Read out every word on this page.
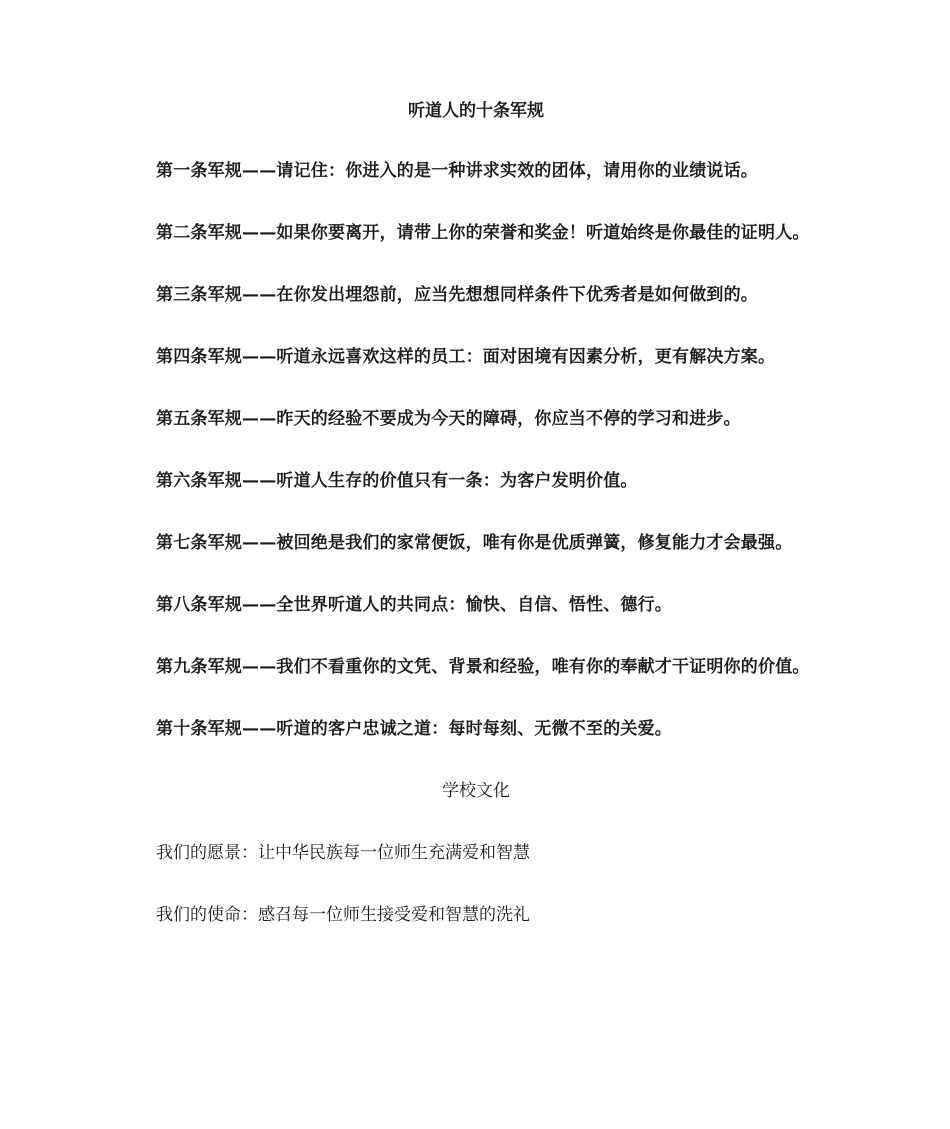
听道人的十条军规

第一条军规——请记住：你进入的是一种讲求实效的团体，请用你的业绩说话。

第二条军规——如果你要离开，请带上你的荣誉和奖金！听道始终是你最佳的证明人。

第三条军规——在你发出埋怨前，应当先想想同样条件下优秀者是如何做到的。

第四条军规——听道永远喜欢这样的员工：面对困境有因素分析，更有解决方案。

第五条军规——昨天的经验不要成为今天的障碍，你应当不停的学习和进步。

第六条军规——听道人生存的价值只有一条：为客户发明价值。

第七条军规——被回绝是我们的家常便饭，唯有你是优质弹簧，修复能力才会最强。

第八条军规——全世界听道人的共同点：愉快、自信、悟性、德行。

第九条军规——我们不看重你的文凭、背景和经验，唯有你的奉献才干证明你的价值。

第十条军规——听道的客户忠诚之道：每时每刻、无微不至的关爱。

学校文化

我们的愿景：让中华民族每一位师生充满爱和智慧

我们的使命：感召每一位师生接受爱和智慧的洗礼
